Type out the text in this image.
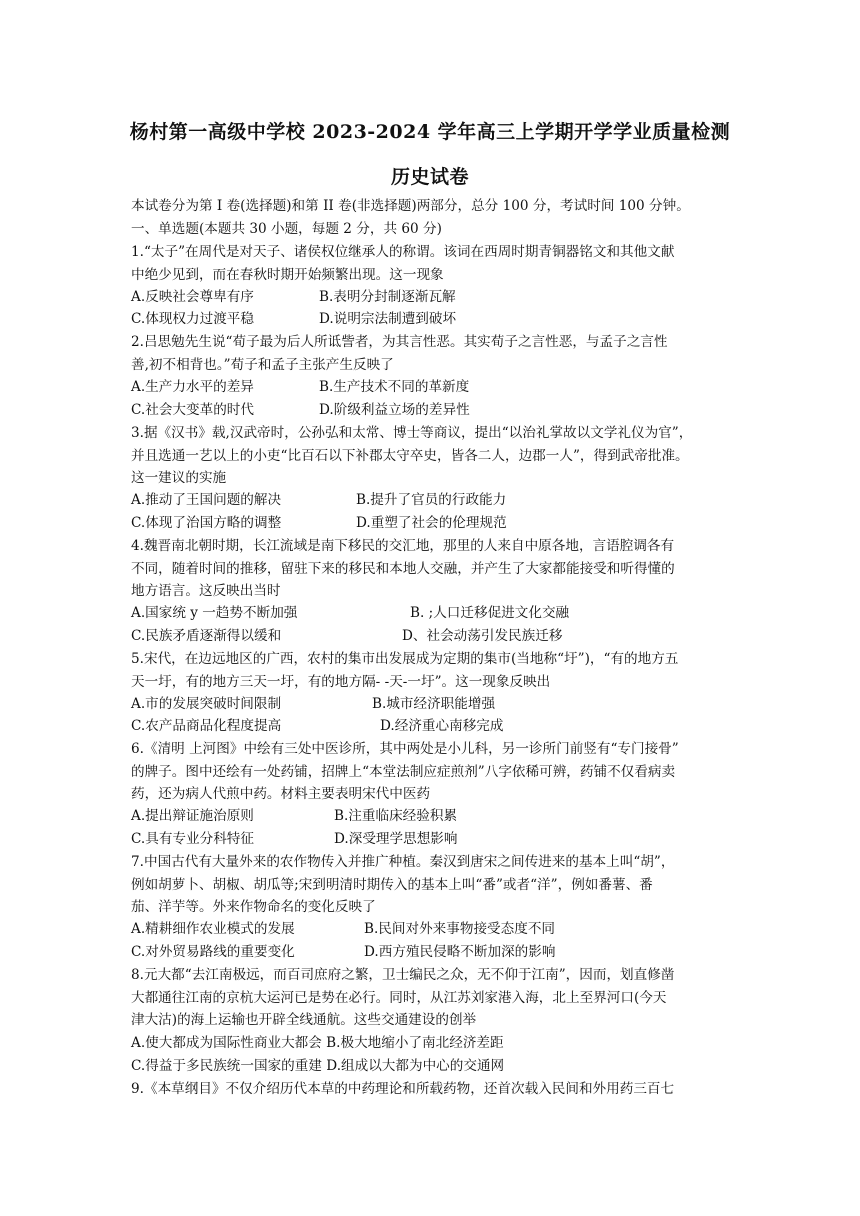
杨村第一高级中学校 2023-2024 学年高三上学期开学学业质量检测
历史试卷
本试卷分为第 I 卷(选择题)和第 II 卷(非选择题)两部分，总分 100 分，考试时间 100 分钟。
一、单选题(本题共 30 小题，每题 2 分，共 60 分)
1.“太子”在周代是对天子、诸侯权位继承人的称谓。该词在西周时期青铜器铭文和其他文献
中绝少见到，而在春秋时期开始频繁出现。这一现象
A.反映社会尊卑有序	B.表明分封制逐渐瓦解
C.体现权力过渡平稳	D.说明宗法制遭到破坏
2.吕思勉先生说“荀子最为后人所诋訾者，为其言性恶。其实荀子之言性恶，与孟子之言性
善,初不相背也。”荀子和孟子主张产生反映了
A.生产力水平的差异	B.生产技术不同的革新度
C.社会大变革的时代	D.阶级利益立场的差异性
3.据《汉书》载,汉武帝时，公孙弘和太常、博士等商议，提出“以治礼掌故以文学礼仪为官”，
并且选通一艺以上的小吏“比百石以下补郡太守卒史，皆各二人，边郡一人”，得到武帝批准。
这一建议的实施
A.推动了王国问题的解决	B.提升了官员的行政能力
C.体现了治国方略的调整	D.重塑了社会的伦理规范
4.魏晋南北朝时期，长江流域是南下移民的交汇地，那里的人来自中原各地，言语腔调各有
不同，随着时间的推移，留驻下来的移民和本地人交融，并产生了大家都能接受和听得懂的
地方语言。这反映出当时
A.国家统 y 一趋势不断加强	B. ;人口迁移促进文化交融
C.民族矛盾逐渐得以缓和	D、社会动荡引发民族迁移
5.宋代，在边远地区的广西，农村的集市出发展成为定期的集市(当地称“圩”)，“有的地方五
天一圩，有的地方三天一圩，有的地方隔- -天-一圩”。这一现象反映出
A.市的发展突破时间限制	B.城市经济职能增强
C.农产品商品化程度提高	D.经济重心南移完成
6.《清明 上河图》中绘有三处中医诊所，其中两处是小儿科，另一诊所门前竖有“专门接骨”
的牌子。图中还绘有一处药铺，招牌上“本堂法制应症煎剂”八字依稀可辨，药铺不仅看病卖
药，还为病人代煎中药。材料主要表明宋代中医药
A.提出辩证施治原则	B.注重临床经验积累
C.具有专业分科特征	D.深受理学思想影响
7.中国古代有大量外来的农作物传入并推广种植。秦汉到唐宋之间传进来的基本上叫“胡”，
例如胡萝卜、胡椒、胡瓜等;宋到明清时期传入的基本上叫“番”或者“洋”，例如番薯、番
茄、洋芋等。外来作物命名的变化反映了
A.精耕细作农业模式的发展	B.民间对外来事物接受态度不同
C.对外贸易路线的重要变化	D.西方殖民侵略不断加深的影响
8.元大都“去江南极远，而百司庶府之繁，卫士编民之众，无不仰于江南”，因而，划直修凿
大都通往江南的京杭大运河已是势在必行。同时，从江苏刘家港入海，北上至界河口(今天
津大沽)的海上运输也开辟全线通航。这些交通建设的创举
A.使大都成为国际性商业大都会 B.极大地缩小了南北经济差距
C.得益于多民族统一国家的重建 D.组成以大都为中心的交通网
9.《本草纲目》不仅介绍历代本草的中药理论和所载药物，还首次载入民间和外用药三百七
